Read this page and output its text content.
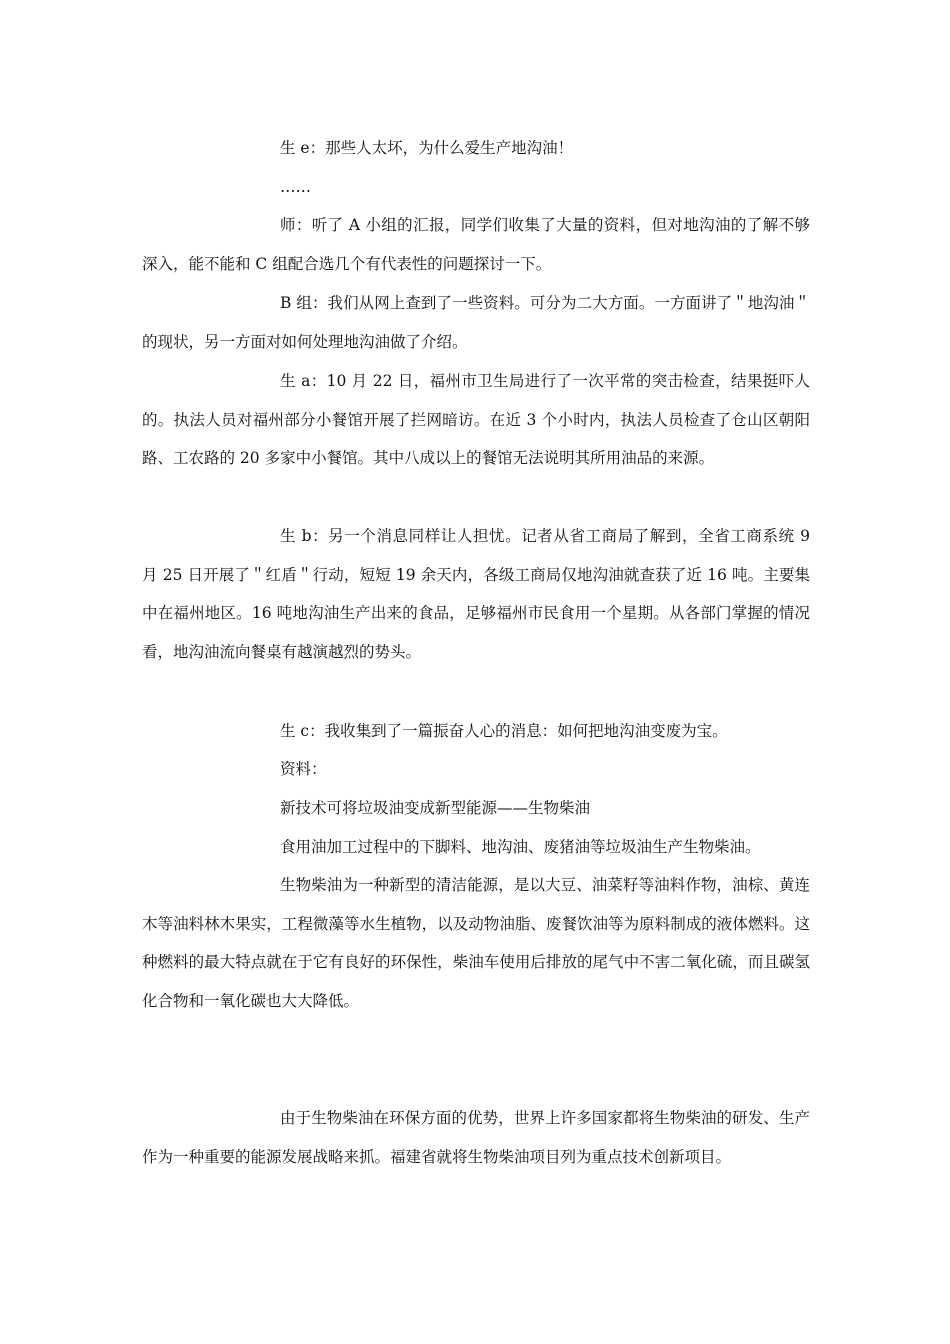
生 e：那些人太坏，为什么爱生产地沟油！

……

师：听了 A 小组的汇报，同学们收集了大量的资料，但对地沟油的了解不够深入，能不能和 C 组配合选几个有代表性的问题探讨一下。

B 组：我们从网上查到了一些资料。可分为二大方面。一方面讲了＂地沟油＂的现状，另一方面对如何处理地沟油做了介绍。

生 a：10 月 22 日，福州市卫生局进行了一次平常的突击检查，结果挺吓人的。执法人员对福州部分小餐馆开展了拦网暗访。在近 3 个小时内，执法人员检查了仓山区朝阳路、工农路的 20 多家中小餐馆。其中八成以上的餐馆无法说明其所用油品的来源。

生 b：另一个消息同样让人担忧。记者从省工商局了解到，全省工商系统 9 月 25 日开展了＂红盾＂行动，短短 19 余天内，各级工商局仅地沟油就查获了近 16 吨。主要集中在福州地区。16 吨地沟油生产出来的食品，足够福州市民食用一个星期。从各部门掌握的情况看，地沟油流向餐桌有越演越烈的势头。

生 c：我收集到了一篇振奋人心的消息：如何把地沟油变废为宝。

资料：

新技术可将垃圾油变成新型能源——生物柴油

食用油加工过程中的下脚料、地沟油、废猪油等垃圾油生产生物柴油。

生物柴油为一种新型的清洁能源，是以大豆、油菜籽等油料作物，油棕、黄连木等油料林木果实，工程微藻等水生植物，以及动物油脂、废餐饮油等为原料制成的液体燃料。这种燃料的最大特点就在于它有良好的环保性，柴油车使用后排放的尾气中不害二氧化硫，而且碳氢化合物和一氧化碳也大大降低。

由于生物柴油在环保方面的优势，世界上许多国家都将生物柴油的研发、生产作为一种重要的能源发展战略来抓。福建省就将生物柴油项目列为重点技术创新项目。
